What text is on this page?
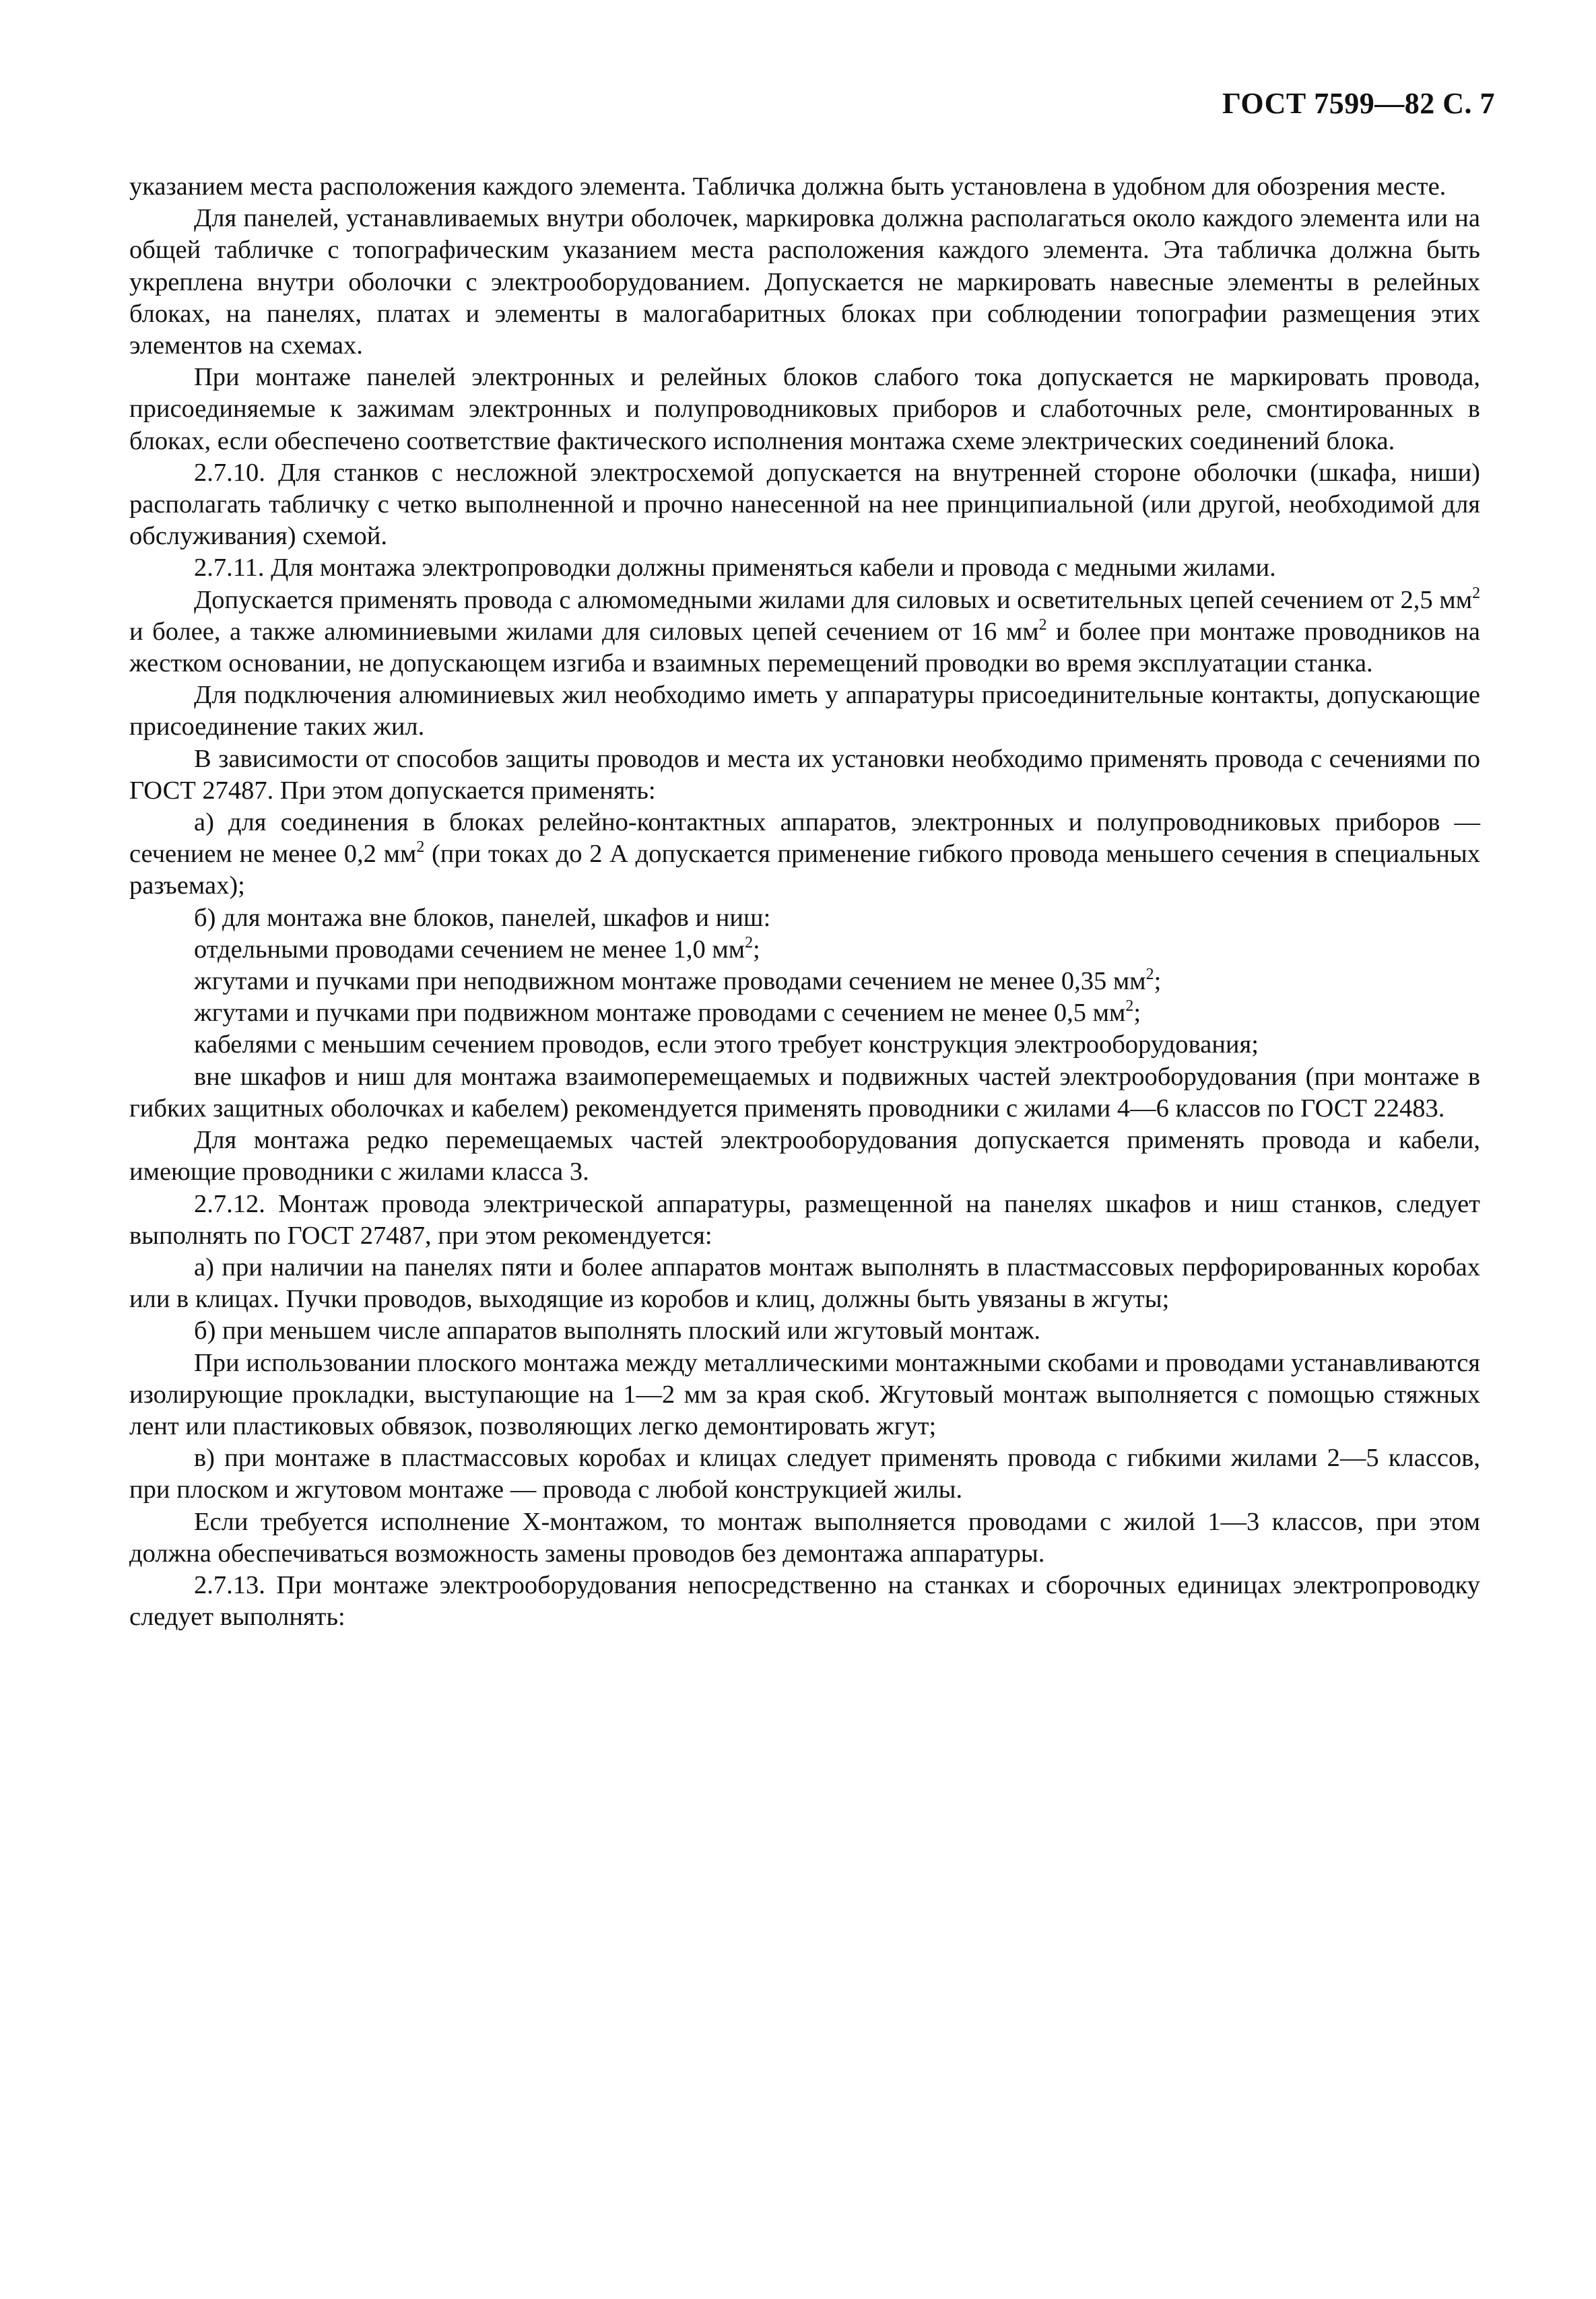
ГОСТ 7599—82 С. 7

указанием места расположения каждого элемента. Табличка должна быть установлена в удобном для обозрения месте.

Для панелей, устанавливаемых внутри оболочек, маркировка должна располагаться около каждого элемента или на общей табличке с топографическим указанием места расположения каждого элемента. Эта табличка должна быть укреплена внутри оболочки с электрооборудованием. Допускается не маркировать навесные элементы в релейных блоках, на панелях, платах и элементы в малогабаритных блоках при соблюдении топографии размещения этих элементов на схемах.

При монтаже панелей электронных и релейных блоков слабого тока допускается не маркировать провода, присоединяемые к зажимам электронных и полупроводниковых приборов и слаботочных реле, смонтированных в блоках, если обеспечено соответствие фактического исполнения монтажа схеме электрических соединений блока.

2.7.10. Для станков с несложной электросхемой допускается на внутренней стороне оболочки (шкафа, ниши) располагать табличку с четко выполненной и прочно нанесенной на нее принципиальной (или другой, необходимой для обслуживания) схемой.

2.7.11. Для монтажа электропроводки должны применяться кабели и провода с медными жилами.

Допускается применять провода с алюмомедными жилами для силовых и осветительных цепей сечением от 2,5 $мм^2$ и более, а также алюминиевыми жилами для силовых цепей сечением от 16 $мм^2$ и более при монтаже проводников на жестком основании, не допускающем изгиба и взаимных перемещений проводки во время эксплуатации станка.

Для подключения алюминиевых жил необходимо иметь у аппаратуры присоединительные контакты, допускающие присоединение таких жил.

В зависимости от способов защиты проводов и места их установки необходимо применять провода с сечениями по ГОСТ 27487. При этом допускается применять:

а) для соединения в блоках релейно-контактных аппаратов, электронных и полупроводниковых приборов — сечением не менее 0,2 $мм^2$ (при токах до 2 А допускается применение гибкого провода меньшего сечения в специальных разъемах);

б) для монтажа вне блоков, панелей, шкафов и ниш:

отдельными проводами сечением не менее 1,0 $мм^2$;

жгутами и пучками при неподвижном монтаже проводами сечением не менее 0,35 $мм^2$;

жгутами и пучками при подвижном монтаже проводами с сечением не менее 0,5 $мм^2$;

кабелями с меньшим сечением проводов, если этого требует конструкция электрооборудования;

вне шкафов и ниш для монтажа взаимоперемещаемых и подвижных частей электрооборудования (при монтаже в гибких защитных оболочках и кабелем) рекомендуется применять проводники с жилами 4—6 классов по ГОСТ 22483.

Для монтажа редко перемещаемых частей электрооборудования допускается применять провода и кабели, имеющие проводники с жилами класса 3.

2.7.12. Монтаж провода электрической аппаратуры, размещенной на панелях шкафов и ниш станков, следует выполнять по ГОСТ 27487, при этом рекомендуется:

а) при наличии на панелях пяти и более аппаратов монтаж выполнять в пластмассовых перфорированных коробах или в клицах. Пучки проводов, выходящие из коробов и клиц, должны быть увязаны в жгуты;

б) при меньшем числе аппаратов выполнять плоский или жгутовый монтаж.

При использовании плоского монтажа между металлическими монтажными скобами и проводами устанавливаются изолирующие прокладки, выступающие на 1—2 мм за края скоб. Жгутовый монтаж выполняется с помощью стяжных лент или пластиковых обвязок, позволяющих легко демонтировать жгут;

в) при монтаже в пластмассовых коробах и клицах следует применять провода с гибкими жилами 2—5 классов, при плоском и жгутовом монтаже — провода с любой конструкцией жилы.

Если требуется исполнение Х-монтажом, то монтаж выполняется проводами с жилой 1—3 классов, при этом должна обеспечиваться возможность замены проводов без демонтажа аппаратуры.

2.7.13. При монтаже электрооборудования непосредственно на станках и сборочных единицах электропроводку следует выполнять:
